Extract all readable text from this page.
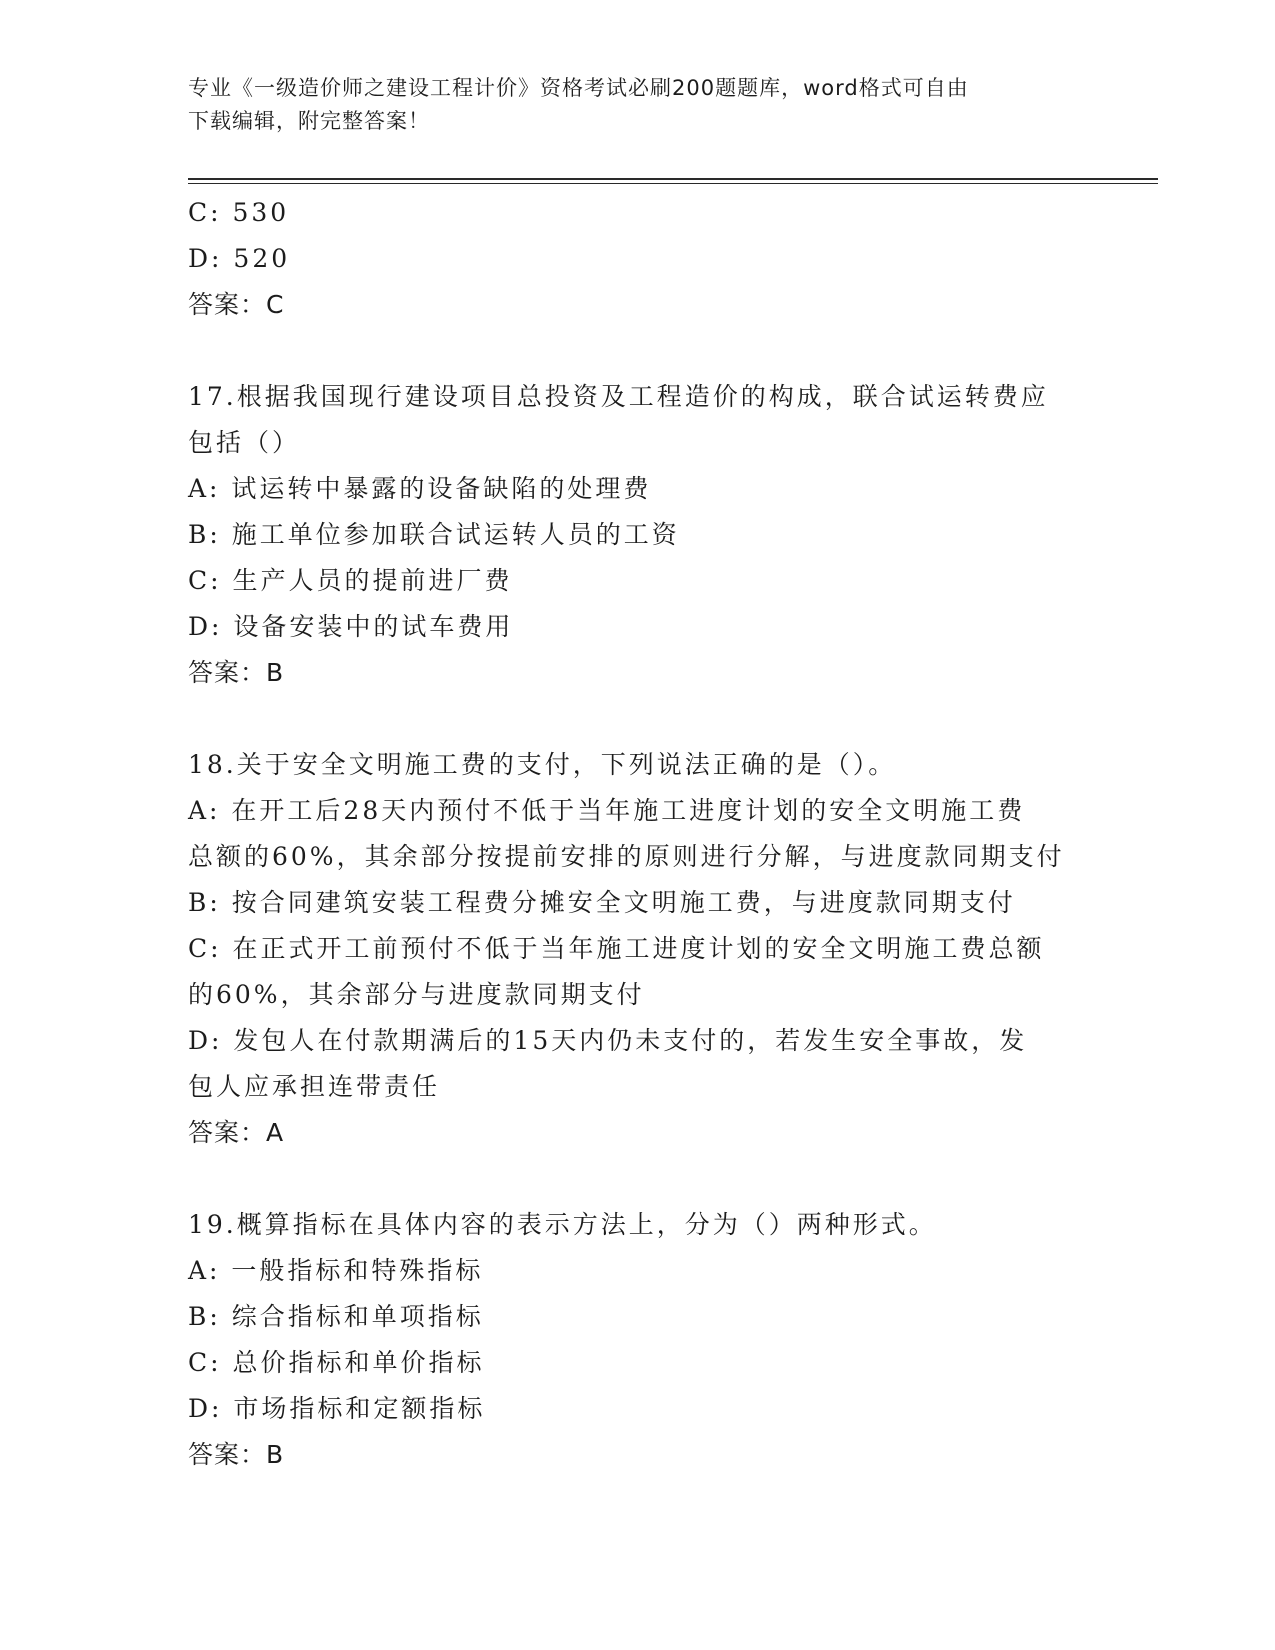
专业《一级造价师之建设工程计价》资格考试必刷200题题库，word格式可自由
下载编辑，附完整答案！
C: 530
D: 520
答案：C
17.根据我国现行建设项目总投资及工程造价的构成，联合试运转费应
包括（）
A: 试运转中暴露的设备缺陷的处理费
B: 施工单位参加联合试运转人员的工资
C: 生产人员的提前进厂费
D: 设备安装中的试车费用
答案：B
18.关于安全文明施工费的支付，下列说法正确的是（）。
A: 在开工后28天内预付不低于当年施工进度计划的安全文明施工费
总额的60%，其余部分按提前安排的原则进行分解，与进度款同期支付
B: 按合同建筑安装工程费分摊安全文明施工费，与进度款同期支付
C: 在正式开工前预付不低于当年施工进度计划的安全文明施工费总额
的60%，其余部分与进度款同期支付
D: 发包人在付款期满后的15天内仍未支付的，若发生安全事故，发
包人应承担连带责任
答案：A
19.概算指标在具体内容的表示方法上，分为（）两种形式。
A: 一般指标和特殊指标
B: 综合指标和单项指标
C: 总价指标和单价指标
D: 市场指标和定额指标
答案：B
